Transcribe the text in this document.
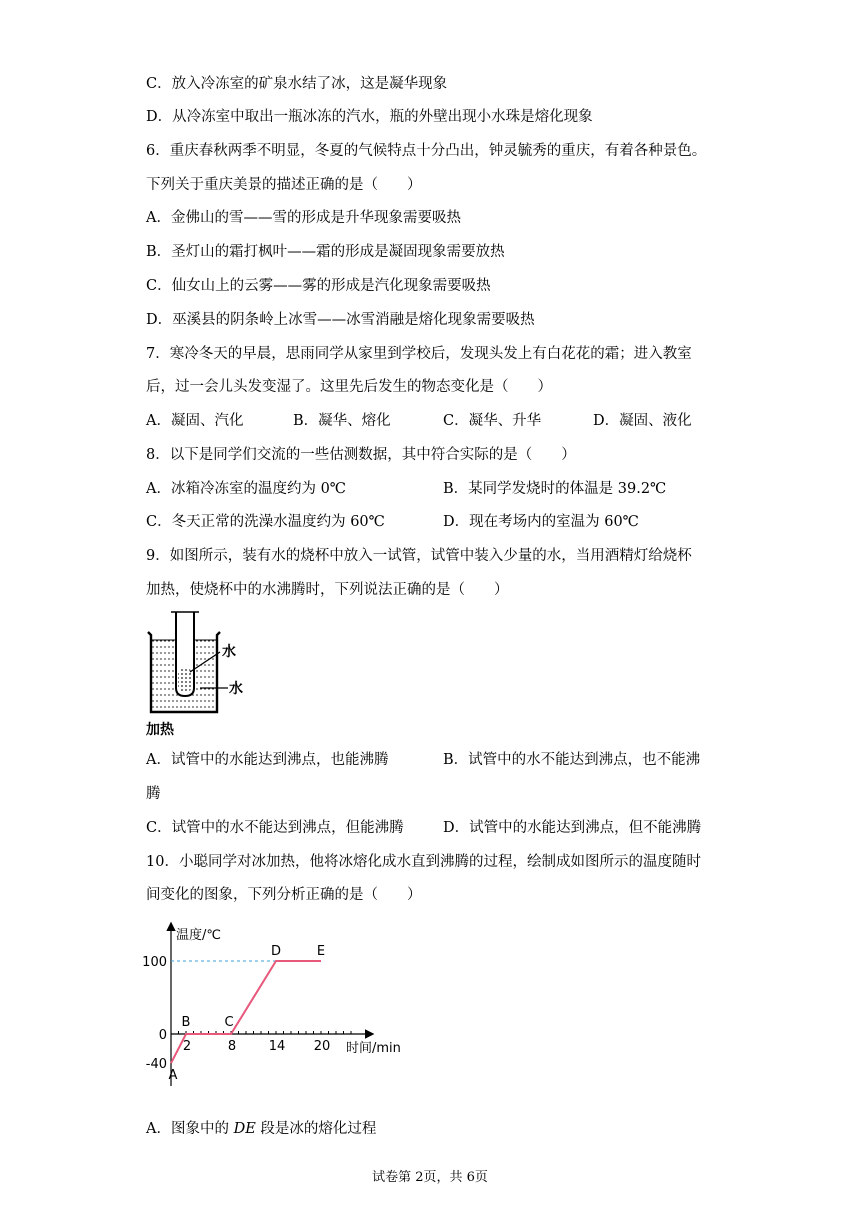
C．放入冷冻室的矿泉水结了冰，这是凝华现象
D．从冷冻室中取出一瓶冰冻的汽水，瓶的外壁出现小水珠是熔化现象
6．重庆春秋两季不明显，冬夏的气候特点十分凸出，钟灵毓秀的重庆，有着各种景色。
下列关于重庆美景的描述正确的是（　　）
A．金佛山的雪——雪的形成是升华现象需要吸热
B．圣灯山的霜打枫叶——霜的形成是凝固现象需要放热
C．仙女山上的云雾——雾的形成是汽化现象需要吸热
D．巫溪县的阴条岭上冰雪——冰雪消融是熔化现象需要吸热
7．寒冷冬天的早晨，思雨同学从家里到学校后，发现头发上有白花花的霜；进入教室
后，过一会儿头发变湿了。这里先后发生的物态变化是（　　）
A．凝固、汽化	B．凝华、熔化	C．凝华、升华	D．凝固、液化
8．以下是同学们交流的一些估测数据，其中符合实际的是（　　）
A．冰箱冷冻室的温度约为 0℃	B．某同学发烧时的体温是 39.2℃
C．冬天正常的洗澡水温度约为 60℃	D．现在考场内的室温为 60℃
9．如图所示，装有水的烧杯中放入一试管，试管中装入少量的水，当用酒精灯给烧杯
加热，使烧杯中的水沸腾时，下列说法正确的是（　　）
水
水
加热
A．试管中的水能达到沸点，也能沸腾	B．试管中的水不能达到沸点，也不能沸
腾
C．试管中的水不能达到沸点，但能沸腾	D．试管中的水能达到沸点，但不能沸腾
10．小聪同学对冰加热，他将冰熔化成水直到沸腾的过程，绘制成如图所示的温度随时
间变化的图象，下列分析正确的是（　　）
温度/℃
时间/min
100
0
-40
2	8	14 20
A
B	C
D	E
A．图象中的 DE 段是冰的熔化过程
试卷第 2页，共 6页
